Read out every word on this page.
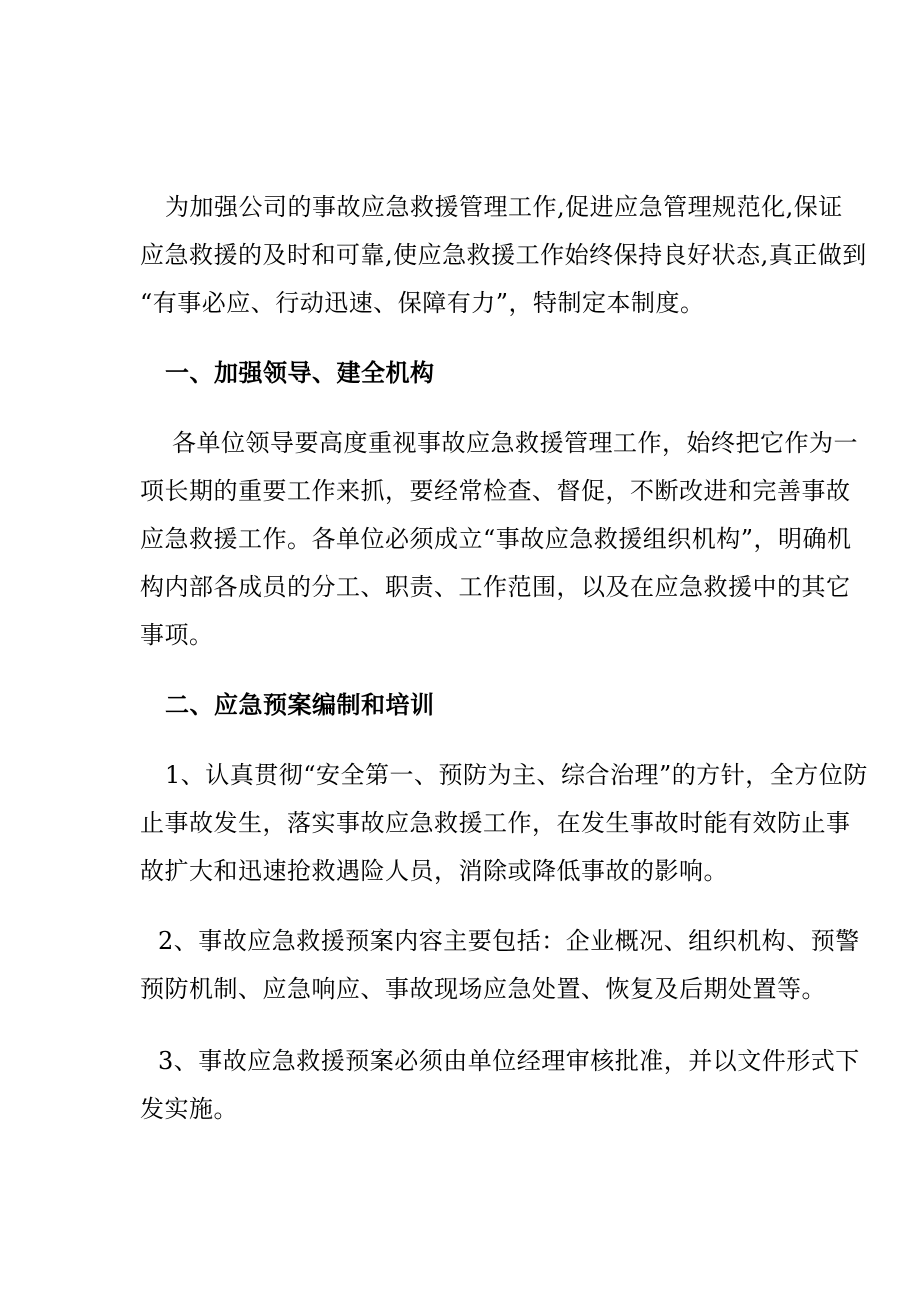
为加强公司的事故应急救援管理工作,促进应急管理规范化,保证
应急救援的及时和可靠,使应急救援工作始终保持良好状态,真正做到
“有事必应、行动迅速、保障有力”，特制定本制度。
一、加强领导、建全机构
各单位领导要高度重视事故应急救援管理工作，始终把它作为一
项长期的重要工作来抓，要经常检查、督促，不断改进和完善事故
应急救援工作。各单位必须成立“事故应急救援组织机构”，明确机
构内部各成员的分工、职责、工作范围，以及在应急救援中的其它
事项。
二、应急预案编制和培训
1、认真贯彻“安全第一、预防为主、综合治理”的方针，全方位防
止事故发生，落实事故应急救援工作，在发生事故时能有效防止事
故扩大和迅速抢救遇险人员，消除或降低事故的影响。
2、事故应急救援预案内容主要包括：企业概况、组织机构、预警
预防机制、应急响应、事故现场应急处置、恢复及后期处置等。
3、事故应急救援预案必须由单位经理审核批准，并以文件形式下
发实施。
